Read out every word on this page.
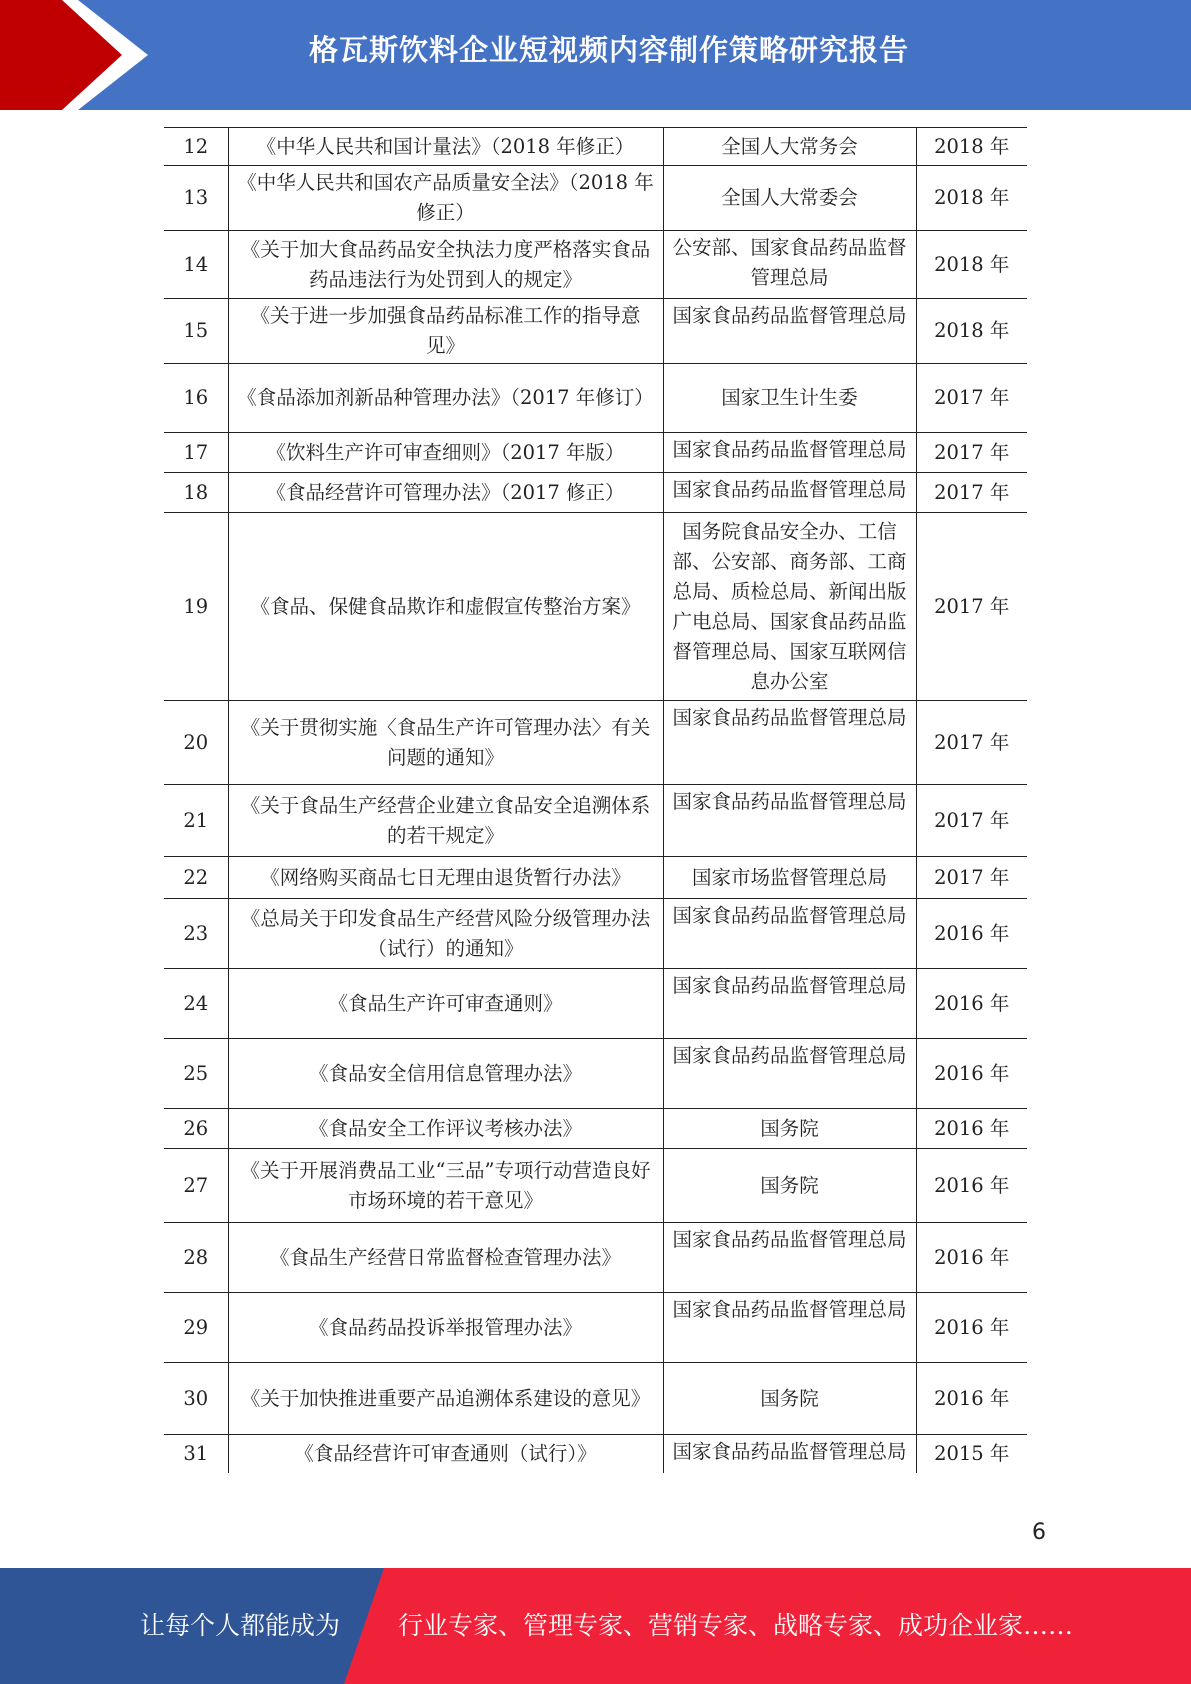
格瓦斯饮料企业短视频内容制作策略研究报告
12	《中华人民共和国计量法》（2018 年修正）	全国人大常务会	2018 年
13	《中华人民共和国农产品质量安全法》（2018 年修正）	全国人大常委会	2018 年
14	《关于加大食品药品安全执法力度严格落实食品药品违法行为处罚到人的规定》	公安部、国家食品药品监督管理总局	2018 年
15	《关于进一步加强食品药品标准工作的指导意见》	国家食品药品监督管理总局	2018 年
16	《食品添加剂新品种管理办法》（2017 年修订）	国家卫生计生委	2017 年
17	《饮料生产许可审查细则》（2017 年版）	国家食品药品监督管理总局	2017 年
18	《食品经营许可管理办法》（2017 修正）	国家食品药品监督管理总局	2017 年
19	《食品、保健食品欺诈和虚假宣传整治方案》	国务院食品安全办、工信部、公安部、商务部、工商总局、质检总局、新闻出版广电总局、国家食品药品监督管理总局、国家互联网信息办公室	2017 年
20	《关于贯彻实施〈食品生产许可管理办法〉有关问题的通知》	国家食品药品监督管理总局	2017 年
21	《关于食品生产经营企业建立食品安全追溯体系的若干规定》	国家食品药品监督管理总局	2017 年
22	《网络购买商品七日无理由退货暂行办法》	国家市场监督管理总局	2017 年
23	《总局关于印发食品生产经营风险分级管理办法（试行）的通知》	国家食品药品监督管理总局	2016 年
24	《食品生产许可审查通则》	国家食品药品监督管理总局	2016 年
25	《食品安全信用信息管理办法》	国家食品药品监督管理总局	2016 年
26	《食品安全工作评议考核办法》	国务院	2016 年
27	《关于开展消费品工业“三品”专项行动营造良好市场环境的若干意见》	国务院	2016 年
28	《食品生产经营日常监督检查管理办法》	国家食品药品监督管理总局	2016 年
29	《食品药品投诉举报管理办法》	国家食品药品监督管理总局	2016 年
30	《关于加快推进重要产品追溯体系建设的意见》	国务院	2016 年
31	《食品经营许可审查通则（试行）》	国家食品药品监督管理总局	2015 年
6
让每个人都能成为 行业专家、管理专家、营销专家、战略专家、成功企业家……
